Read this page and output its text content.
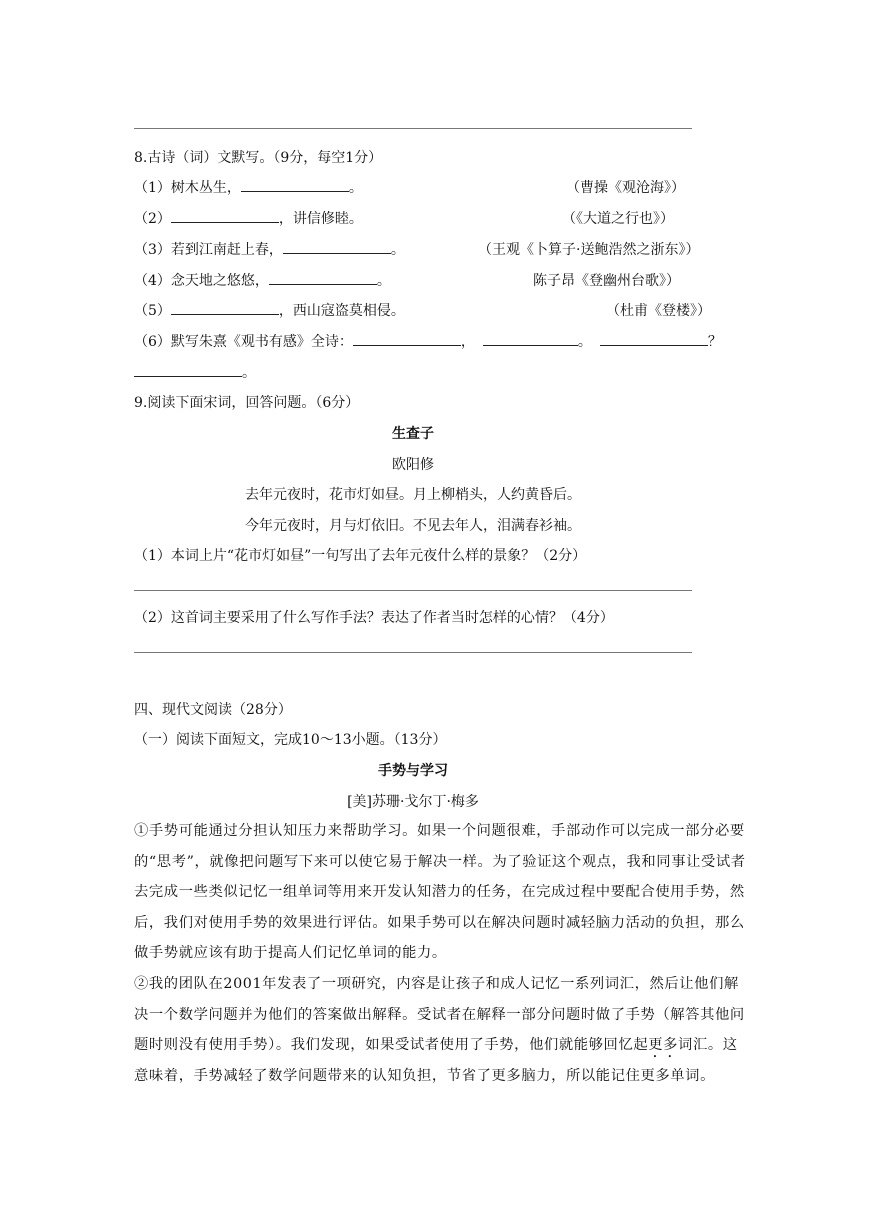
8.古诗（词）文默写。（9分，每空1分）
（1）树木丛生，	。	（曹操《观沧海》）
（2）	，讲信修睦。	（《大道之行也》）
（3）若到江南赶上春，	。	（王观《卜算子·送鲍浩然之浙东》）
（4）念天地之悠悠，	。	陈子昂《登幽州台歌》）
（5）	，西山寇盗莫相侵。	（杜甫《登楼》）
（6）默写朱熹《观书有感》全诗：	，	。	？
。
9.阅读下面宋词，回答问题。（6分）
生查子
欧阳修
去年元夜时，花市灯如昼。月上柳梢头，人约黄昏后。
今年元夜时，月与灯依旧。不见去年人，泪满春衫袖。
（1）本词上片“花市灯如昼”一句写出了去年元夜什么样的景象？（2分）
（2）这首词主要采用了什么写作手法？表达了作者当时怎样的心情？（4分）
四、现代文阅读（28分）
（一）阅读下面短文，完成10～13小题。（13分）
手势与学习
[美]苏珊·戈尔丁·梅多
①手势可能通过分担认知压力来帮助学习。如果一个问题很难，手部动作可以完成一部分必要的“思考”，就像把问题写下来可以使它易于解决一样。为了验证这个观点，我和同事让受试者去完成一些类似记忆一组单词等用来开发认知潜力的任务，在完成过程中要配合使用手势，然后，我们对使用手势的效果进行评估。如果手势可以在解决问题时减轻脑力活动的负担，那么做手势就应该有助于提高人们记忆单词的能力。
②我的团队在2001年发表了一项研究，内容是让孩子和成人记忆一系列词汇，然后让他们解决一个数学问题并为他们的答案做出解释。受试者在解释一部分问题时做了手势（解答其他问题时则没有使用手势）。我们发现，如果受试者使用了手势，他们就能够回忆起更多词汇。这意味着，手势减轻了数学问题带来的认知负担，节省了更多脑力，所以能记住更多单词。
